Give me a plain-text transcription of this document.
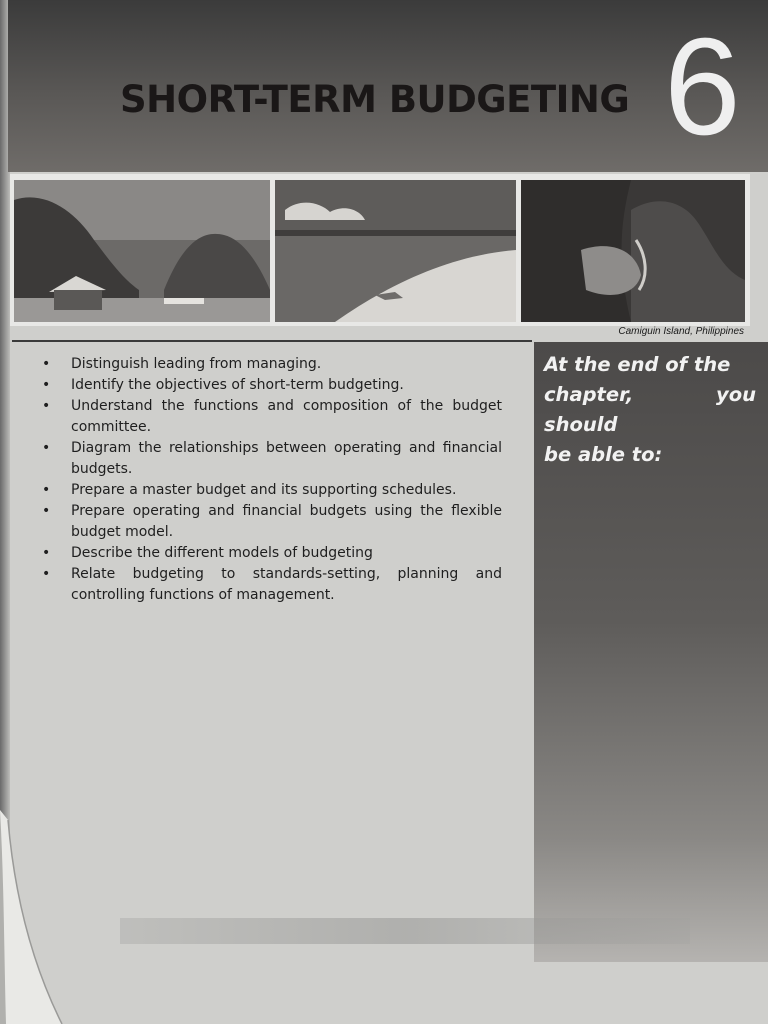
SHORT-TERM BUDGETING 6
Camiguin Island, Philippines
At the end of the
chapter, you should
be able to:
• Distinguish leading from managing.
• Identify the objectives of short-term budgeting.
• Understand the functions and composition of the budget committee.
• Diagram the relationships between operating and financial budgets.
• Prepare a master budget and its supporting schedules.
• Prepare operating and financial budgets using the flexible budget model.
• Describe the different models of budgeting
• Relate budgeting to standards-setting, planning and controlling functions of management.
